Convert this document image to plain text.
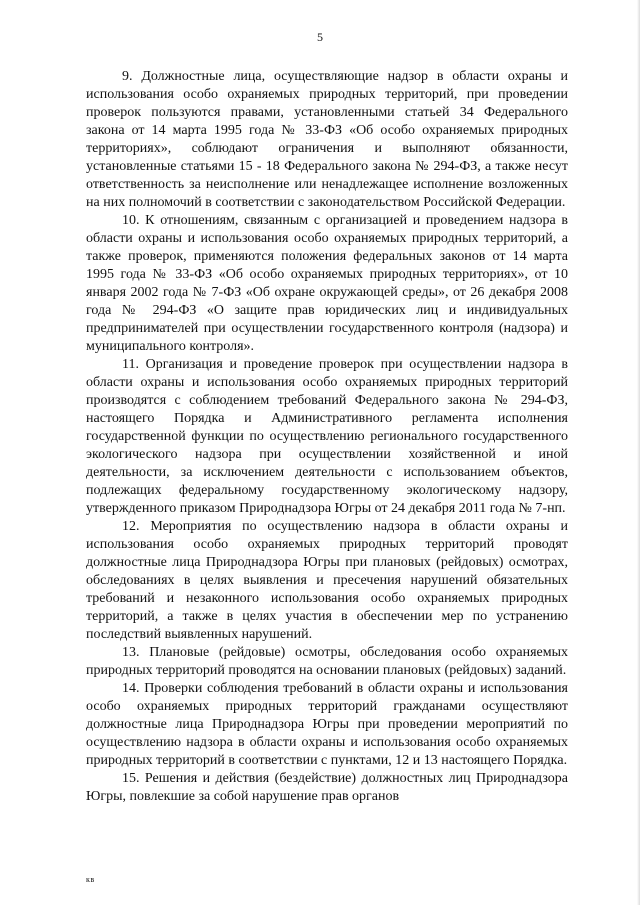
5

9. Должностные лица, осуществляющие надзор в области охраны и использования особо охраняемых природных территорий, при проведении проверок пользуются правами, установленными статьей 34 Федерального закона от 14 марта 1995 года № 33-ФЗ «Об особо охраняемых природных территориях», соблюдают ограничения и выполняют обязанности, установленные статьями 15 - 18 Федерального закона № 294-ФЗ, а также несут ответственность за неисполнение или ненадлежащее исполнение возложенных на них полномочий в соответствии с законодательством Российской Федерации.

10. К отношениям, связанным с организацией и проведением надзора в области охраны и использования особо охраняемых природных территорий, а также проверок, применяются положения федеральных законов от 14 марта 1995 года № 33-ФЗ «Об особо охраняемых природных территориях», от 10 января 2002 года № 7-ФЗ «Об охране окружающей среды», от 26 декабря 2008 года № 294-ФЗ «О защите прав юридических лиц и индивидуальных предпринимателей при осуществлении государственного контроля (надзора) и муниципального контроля».

11. Организация и проведение проверок при осуществлении надзора в области охраны и использования особо охраняемых природных территорий производятся с соблюдением требований Федерального закона № 294-ФЗ, настоящего Порядка и Административного регламента исполнения государственной функции по осуществлению регионального государственного экологического надзора при осуществлении хозяйственной и иной деятельности, за исключением деятельности с использованием объектов, подлежащих федеральному государственному экологическому надзору, утвержденного приказом Природнадзора Югры от 24 декабря 2011 года № 7-нп.

12. Мероприятия по осуществлению надзора в области охраны и использования особо охраняемых природных территорий проводят должностные лица Природнадзора Югры при плановых (рейдовых) осмотрах, обследованиях в целях выявления и пресечения нарушений обязательных требований и незаконного использования особо охраняемых природных территорий, а также в целях участия в обеспечении мер по устранению последствий выявленных нарушений.

13. Плановые (рейдовые) осмотры, обследования особо охраняемых природных территорий проводятся на основании плановых (рейдовых) заданий.

14. Проверки соблюдения требований в области охраны и использования особо охраняемых природных территорий гражданами осуществляют должностные лица Природнадзора Югры при проведении мероприятий по осуществлению надзора в области охраны и использования особо охраняемых природных территорий в соответствии с пунктами, 12 и 13 настоящего Порядка.

15. Решения и действия (бездействие) должностных лиц Природнадзора Югры, повлекшие за собой нарушение прав органов

кв
